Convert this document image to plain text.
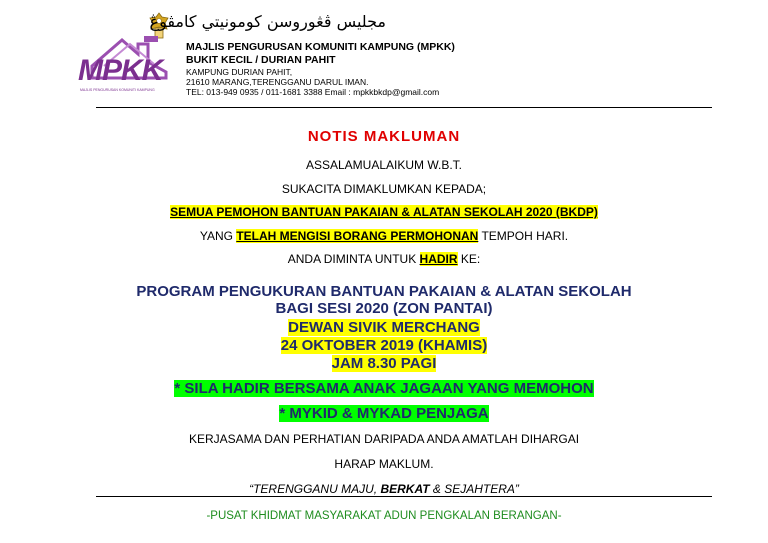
مجليس ڤڠوروسن كومونيتي كامڤوڠ
MPKK
MAJLIS PENGURUSAN KOMUNITI KAMPUNG
MAJLIS PENGURUSAN KOMUNITI KAMPUNG (MPKK)
BUKIT KECIL / DURIAN PAHIT
KAMPUNG DURIAN PAHIT,
21610 MARANG,TERENGGANU DARUL IMAN.
TEL: 013-949 0935 / 011-1681 3388 Email : mpkkbkdp@gmail.com
NOTIS MAKLUMAN
ASSALAMUALAIKUM W.B.T.
SUKACITA DIMAKLUMKAN KEPADA;
SEMUA PEMOHON BANTUAN PAKAIAN & ALATAN SEKOLAH 2020 (BKDP)
YANG TELAH MENGISI BORANG PERMOHONAN TEMPOH HARI.
ANDA DIMINTA UNTUK HADIR KE:
PROGRAM PENGUKURAN BANTUAN PAKAIAN & ALATAN SEKOLAH
BAGI SESI 2020 (ZON PANTAI)
DEWAN SIVIK MERCHANG
24 OKTOBER 2019 (KHAMIS)
JAM 8.30 PAGI
* SILA HADIR BERSAMA ANAK JAGAAN YANG MEMOHON
* MYKID & MYKAD PENJAGA
KERJASAMA DAN PERHATIAN DARIPADA ANDA AMATLAH DIHARGAI
HARAP MAKLUM.
“TERENGGANU MAJU, BERKAT & SEJAHTERA”
-PUSAT KHIDMAT MASYARAKAT ADUN PENGKALAN BERANGAN-
